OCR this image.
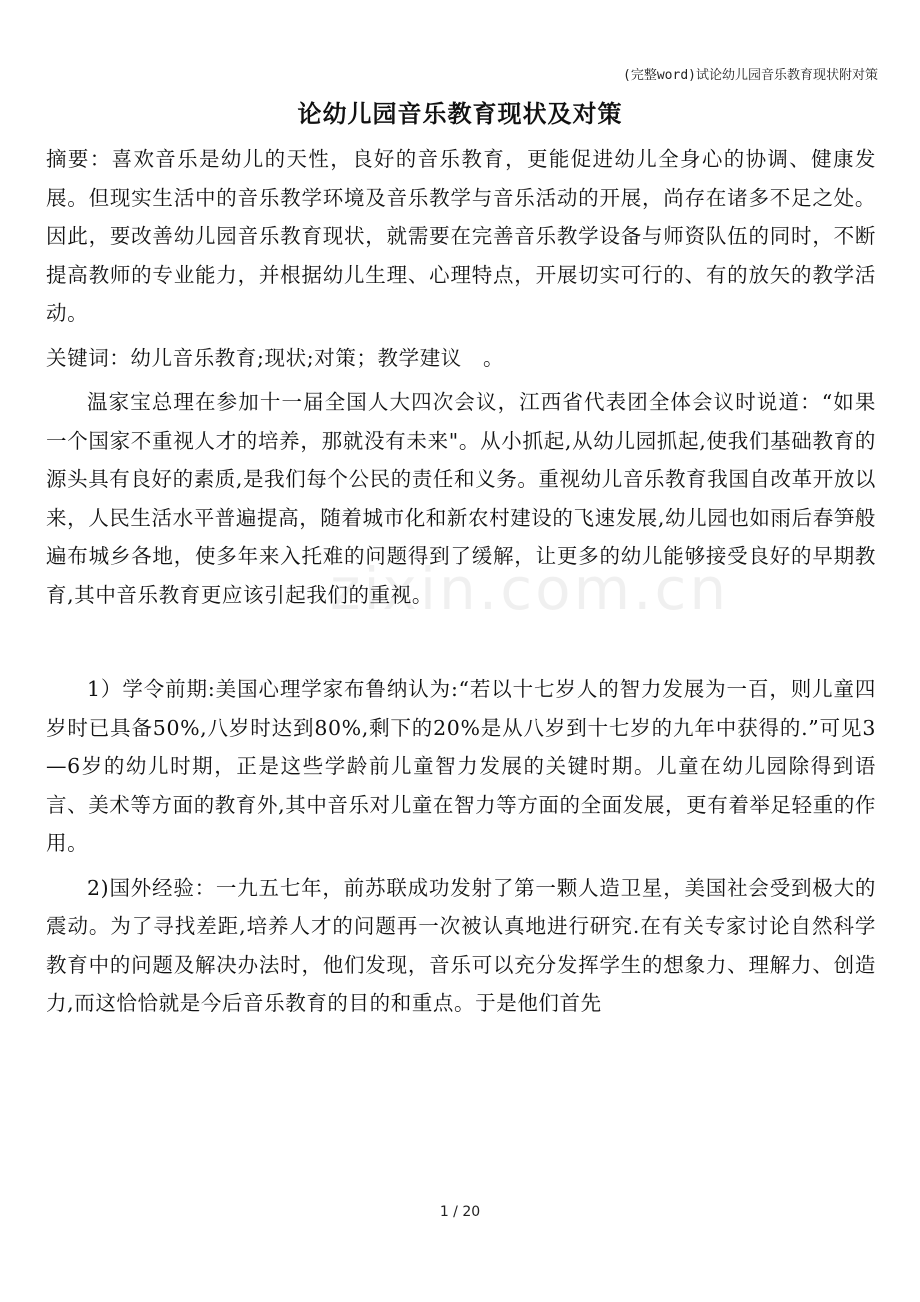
(完整word)试论幼儿园音乐教育现状附对策
论幼儿园音乐教育现状及对策
zixin.com.cn

摘要：喜欢音乐是幼儿的天性，良好的音乐教育，更能促进幼儿全身心的协调、健康发展。但现实生活中的音乐教学环境及音乐教学与音乐活动的开展，尚存在诸多不足之处。因此，要改善幼儿园音乐教育现状，就需要在完善音乐教学设备与师资队伍的同时，不断提高教师的专业能力，并根据幼儿生理、心理特点，开展切实可行的、有的放矢的教学活动。

关键词：幼儿音乐教育;现状;对策；教学建议　。

温家宝总理在参加十一届全国人大四次会议，江西省代表团全体会议时说道：“如果一个国家不重视人才的培养，那就没有未来"。从小抓起,从幼儿园抓起,使我们基础教育的源头具有良好的素质,是我们每个公民的责任和义务。重视幼儿音乐教育我国自改革开放以来，人民生活水平普遍提高，随着城市化和新农村建设的飞速发展,幼儿园也如雨后春笋般遍布城乡各地，使多年来入托难的问题得到了缓解，让更多的幼儿能够接受良好的早期教育,其中音乐教育更应该引起我们的重视。

1）学令前期:美国心理学家布鲁纳认为:“若以十七岁人的智力发展为一百，则儿童四岁时已具备50%,八岁时达到80%,剩下的20%是从八岁到十七岁的九年中获得的.”可见3—6岁的幼儿时期，正是这些学龄前儿童智力发展的关键时期。儿童在幼儿园除得到语言、美术等方面的教育外,其中音乐对儿童在智力等方面的全面发展，更有着举足轻重的作用。

2)国外经验：一九五七年，前苏联成功发射了第一颗人造卫星，美国社会受到极大的震动。为了寻找差距,培养人才的问题再一次被认真地进行研究.在有关专家讨论自然科学教育中的问题及解决办法时，他们发现，音乐可以充分发挥学生的想象力、理解力、创造力,而这恰恰就是今后音乐教育的目的和重点。于是他们首先

1 / 20
